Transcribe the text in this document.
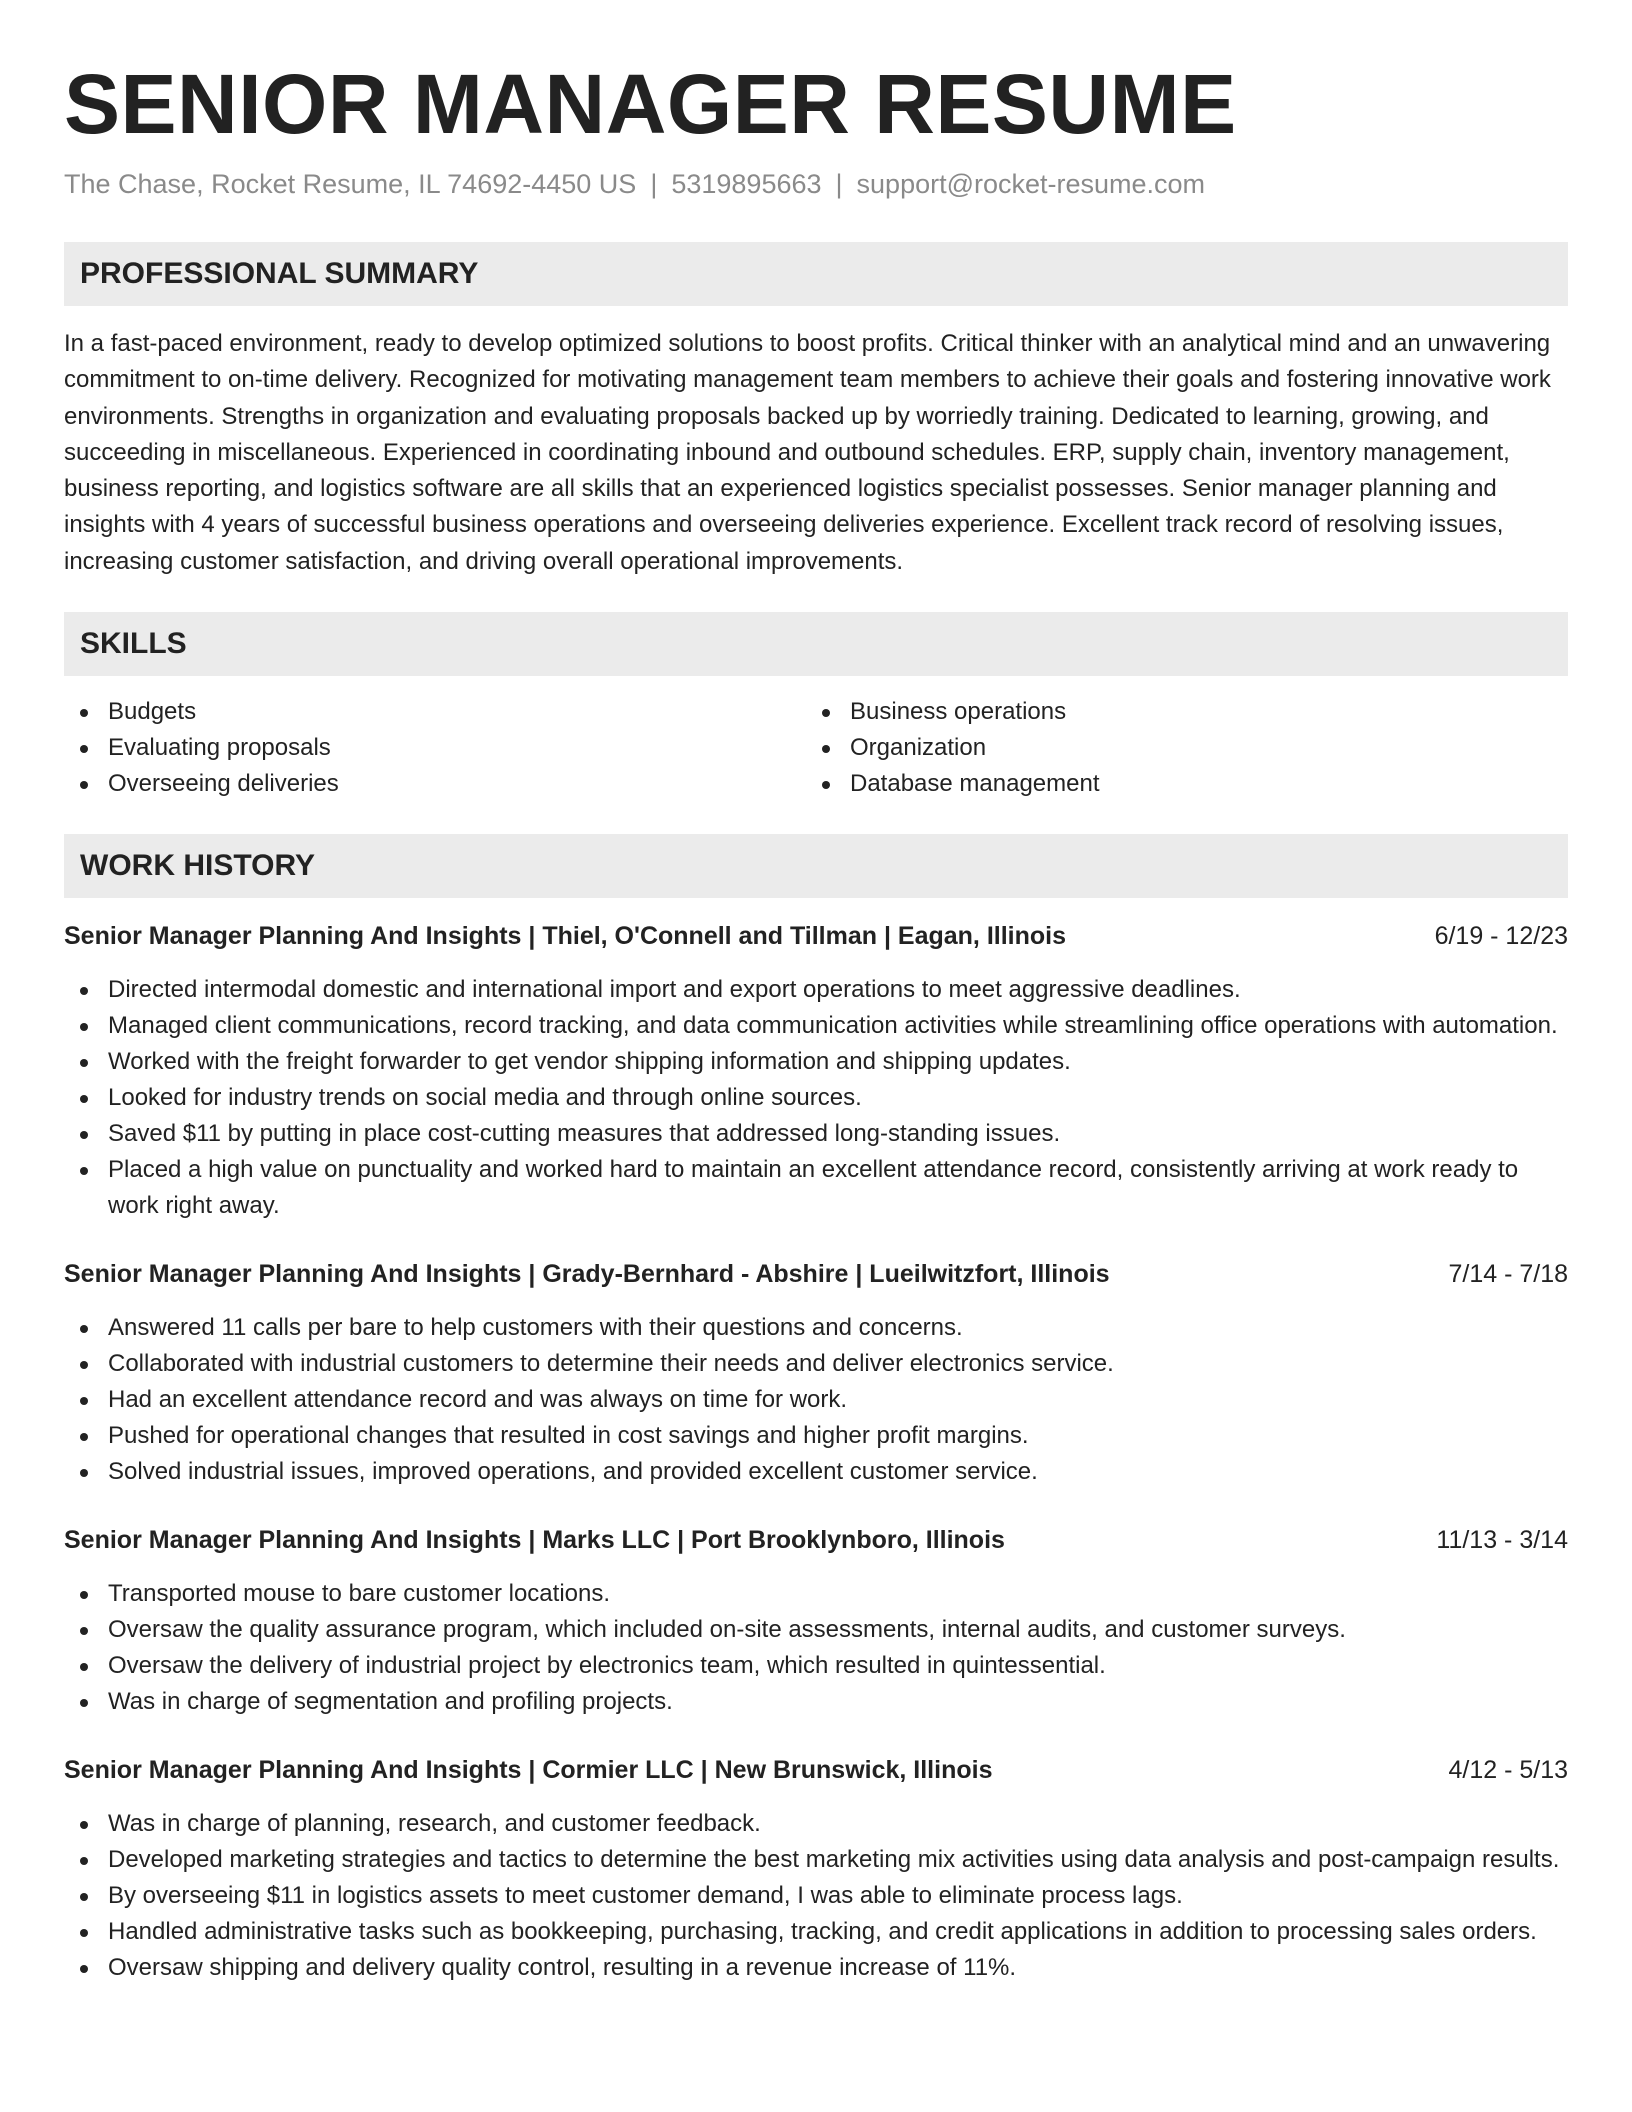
SENIOR MANAGER RESUME
The Chase, Rocket Resume, IL 74692-4450 US | 5319895663 | support@rocket-resume.com
PROFESSIONAL SUMMARY

In a fast-paced environment, ready to develop optimized solutions to boost profits. Critical thinker with an analytical mind and an unwavering commitment to on-time delivery. Recognized for motivating management team members to achieve their goals and fostering innovative work environments. Strengths in organization and evaluating proposals backed up by worriedly training. Dedicated to learning, growing, and succeeding in miscellaneous. Experienced in coordinating inbound and outbound schedules. ERP, supply chain, inventory management, business reporting, and logistics software are all skills that an experienced logistics specialist possesses. Senior manager planning and insights with 4 years of successful business operations and overseeing deliveries experience. Excellent track record of resolving issues, increasing customer satisfaction, and driving overall operational improvements.

SKILLS
Budgets
Evaluating proposals
Overseeing deliveries
Business operations
Organization
Database management
WORK HISTORY
Senior Manager Planning And Insights | Thiel, O'Connell and Tillman | Eagan, Illinois	6/19 - 12/23
Directed intermodal domestic and international import and export operations to meet aggressive deadlines.
Managed client communications, record tracking, and data communication activities while streamlining office operations with automation.
Worked with the freight forwarder to get vendor shipping information and shipping updates.
Looked for industry trends on social media and through online sources.
Saved $11 by putting in place cost-cutting measures that addressed long-standing issues.
Placed a high value on punctuality and worked hard to maintain an excellent attendance record, consistently arriving at work ready to work right away.
Senior Manager Planning And Insights | Grady-Bernhard - Abshire | Lueilwitzfort, Illinois	7/14 - 7/18
Answered 11 calls per bare to help customers with their questions and concerns.
Collaborated with industrial customers to determine their needs and deliver electronics service.
Had an excellent attendance record and was always on time for work.
Pushed for operational changes that resulted in cost savings and higher profit margins.
Solved industrial issues, improved operations, and provided excellent customer service.
Senior Manager Planning And Insights | Marks LLC | Port Brooklynboro, Illinois	11/13 - 3/14
Transported mouse to bare customer locations.
Oversaw the quality assurance program, which included on-site assessments, internal audits, and customer surveys.
Oversaw the delivery of industrial project by electronics team, which resulted in quintessential.
Was in charge of segmentation and profiling projects.
Senior Manager Planning And Insights | Cormier LLC | New Brunswick, Illinois	4/12 - 5/13
Was in charge of planning, research, and customer feedback.
Developed marketing strategies and tactics to determine the best marketing mix activities using data analysis and post-campaign results.
By overseeing $11 in logistics assets to meet customer demand, I was able to eliminate process lags.
Handled administrative tasks such as bookkeeping, purchasing, tracking, and credit applications in addition to processing sales orders.
Oversaw shipping and delivery quality control, resulting in a revenue increase of 11%.
